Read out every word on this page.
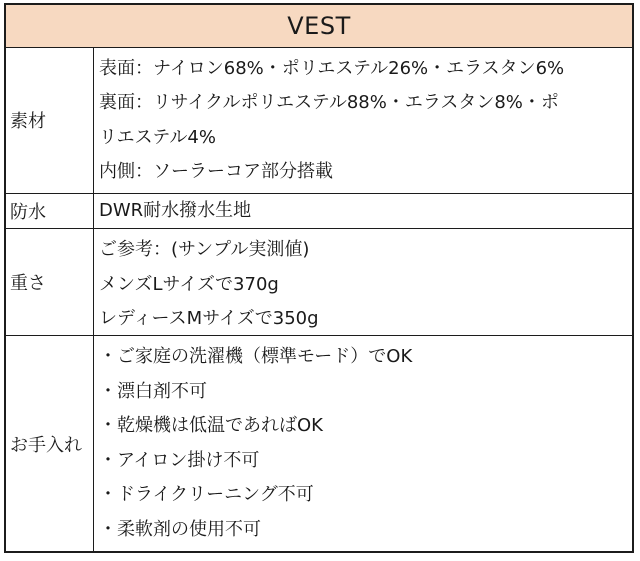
VEST
素材
表面：ナイロン68%・ポリエステル26%・エラスタン6%
裏面：リサイクルポリエステル88%・エラスタン8%・ポ
リエステル4%
内側：ソーラーコア部分搭載
防水	DWR耐水撥水生地
重さ
ご参考：(サンプル実測値)
メンズLサイズで370g
レディースMサイズで350g
お手入れ
・ご家庭の洗濯機（標準モード）でOK
・漂白剤不可
・乾燥機は低温であればOK
・アイロン掛け不可
・ドライクリーニング不可
・柔軟剤の使用不可
